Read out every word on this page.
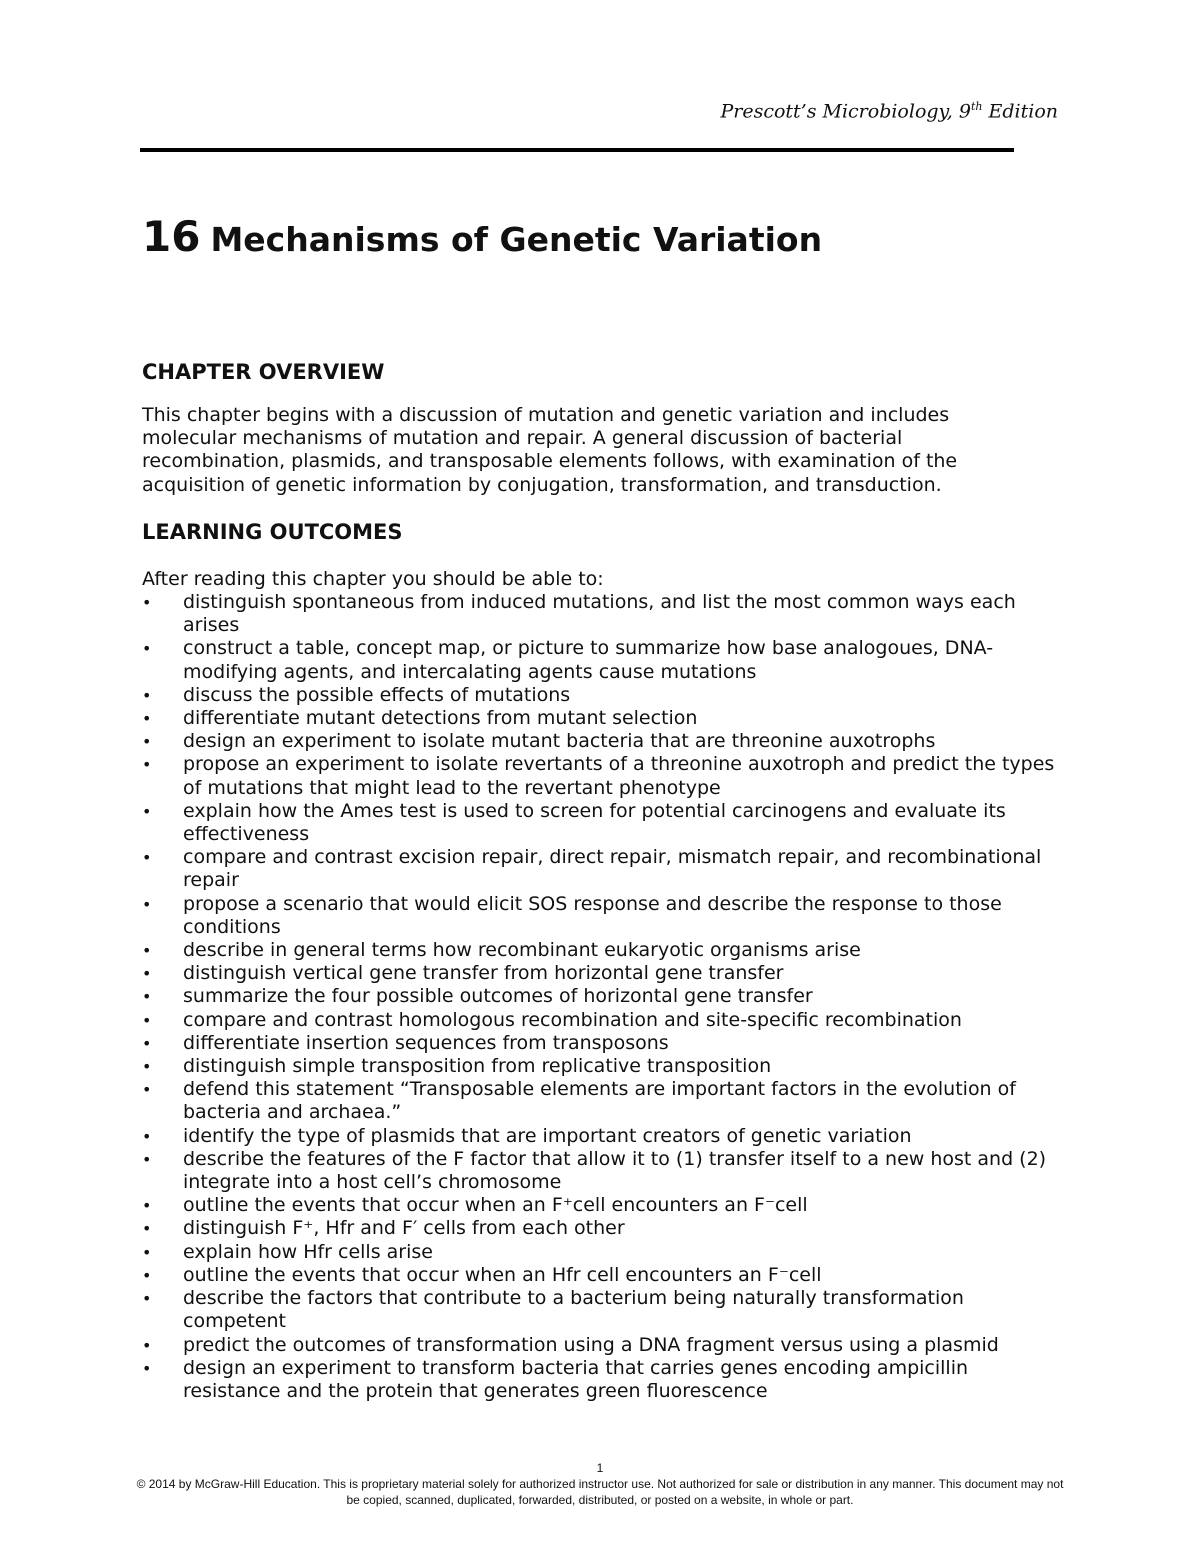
Prescott’s Microbiology, 9th Edition
16 Mechanisms of Genetic Variation
CHAPTER OVERVIEW

This chapter begins with a discussion of mutation and genetic variation and includes molecular mechanisms of mutation and repair. A general discussion of bacterial recombination, plasmids, and transposable elements follows, with examination of the acquisition of genetic information by conjugation, transformation, and transduction.

LEARNING OUTCOMES

After reading this chapter you should be able to:

• distinguish spontaneous from induced mutations, and list the most common ways each arises
• construct a table, concept map, or picture to summarize how base analogoues, DNA-modifying agents, and intercalating agents cause mutations
• discuss the possible effects of mutations
• differentiate mutant detections from mutant selection
• design an experiment to isolate mutant bacteria that are threonine auxotrophs
• propose an experiment to isolate revertants of a threonine auxotroph and predict the types of mutations that might lead to the revertant phenotype
• explain how the Ames test is used to screen for potential carcinogens and evaluate its effectiveness
• compare and contrast excision repair, direct repair, mismatch repair, and recombinational repair
• propose a scenario that would elicit SOS response and describe the response to those conditions
• describe in general terms how recombinant eukaryotic organisms arise
• distinguish vertical gene transfer from horizontal gene transfer
• summarize the four possible outcomes of horizontal gene transfer
• compare and contrast homologous recombination and site-specific recombination
• differentiate insertion sequences from transposons
• distinguish simple transposition from replicative transposition
• defend this statement “Transposable elements are important factors in the evolution of bacteria and archaea.”
• identify the type of plasmids that are important creators of genetic variation
• describe the features of the F factor that allow it to (1) transfer itself to a new host and (2) integrate into a host cell’s chromosome
• outline the events that occur when an F⁺cell encounters an F⁻cell
• distinguish F⁺, Hfr and F′ cells from each other
• explain how Hfr cells arise
• outline the events that occur when an Hfr cell encounters an F⁻cell
• describe the factors that contribute to a bacterium being naturally transformation competent
• predict the outcomes of transformation using a DNA fragment versus using a plasmid
• design an experiment to transform bacteria that carries genes encoding ampicillin resistance and the protein that generates green fluorescence
1
© 2014 by McGraw-Hill Education. This is proprietary material solely for authorized instructor use. Not authorized for sale or distribution in any manner. This document may not be copied, scanned, duplicated, forwarded, distributed, or posted on a website, in whole or part.
